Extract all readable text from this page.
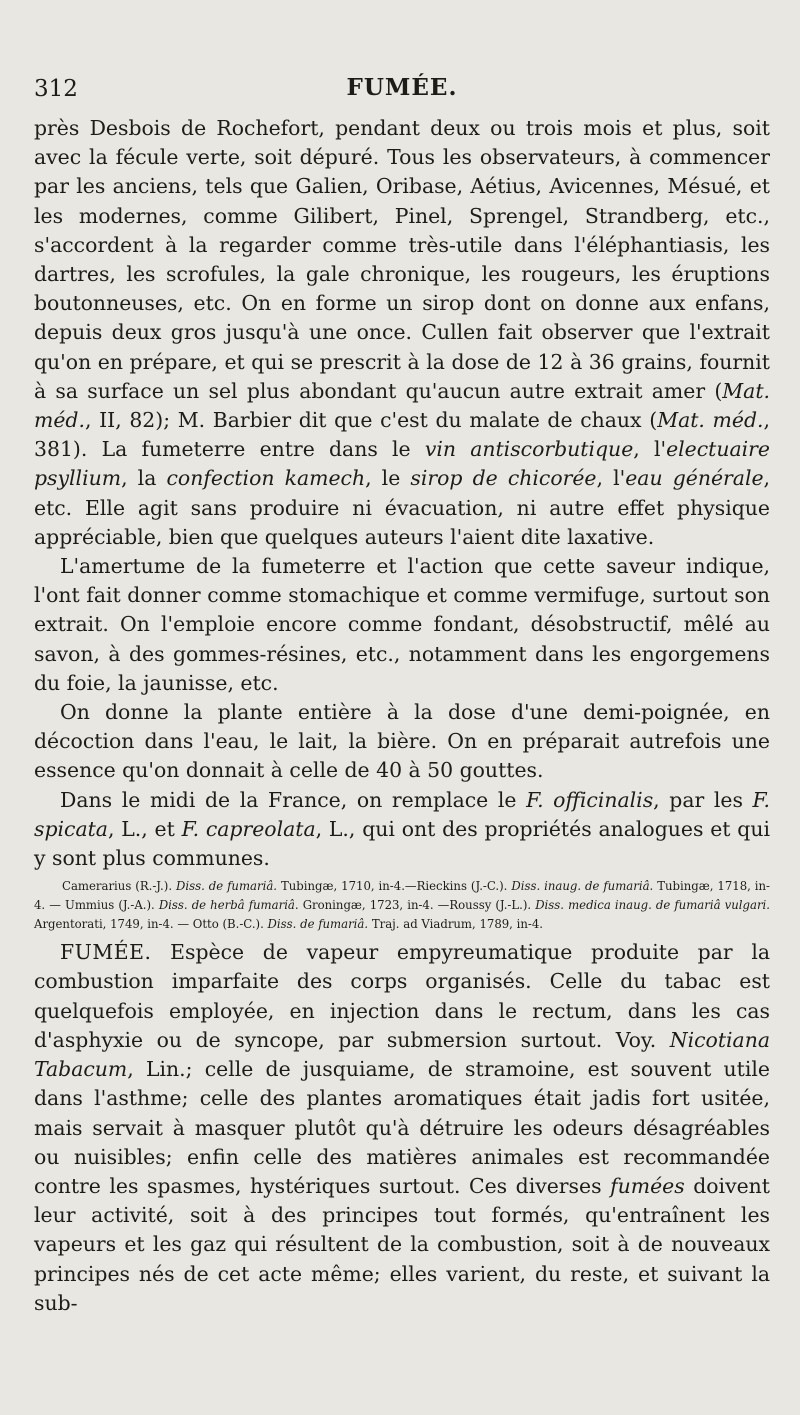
312	FUMÉE.

près Desbois de Rochefort, pendant deux ou trois mois et plus, soit avec la fécule verte, soit dépuré. Tous les observateurs, à commencer par les anciens, tels que Galien, Oribase, Aétius, Avicennes, Mésué, et les modernes, comme Gilibert, Pinel, Sprengel, Strandberg, etc., s'accordent à la regarder comme très-utile dans l'éléphantiasis, les dartres, les scrofules, la gale chronique, les rougeurs, les éruptions boutonneuses, etc. On en forme un sirop dont on donne aux enfans, depuis deux gros jusqu'à une once. Cullen fait observer que l'extrait qu'on en prépare, et qui se prescrit à la dose de 12 à 36 grains, fournit à sa surface un sel plus abondant qu'aucun autre extrait amer (Mat. méd., II, 82); M. Barbier dit que c'est du malate de chaux (Mat. méd., 381). La fumeterre entre dans le vin antiscorbutique, l'electuaire psyllium, la confection kamech, le sirop de chicorée, l'eau générale, etc. Elle agit sans produire ni évacuation, ni autre effet physique appréciable, bien que quelques auteurs l'aient dite laxative.

L'amertume de la fumeterre et l'action que cette saveur indique, l'ont fait donner comme stomachique et comme vermifuge, surtout son extrait. On l'emploie encore comme fondant, désobstructif, mêlé au savon, à des gommes-résines, etc., notamment dans les engorgemens du foie, la jaunisse, etc.

On donne la plante entière à la dose d'une demi-poignée, en décoction dans l'eau, le lait, la bière. On en préparait autrefois une essence qu'on donnait à celle de 40 à 50 gouttes.

Dans le midi de la France, on remplace le F. officinalis, par les F. spicata, L., et F. capreolata, L., qui ont des propriétés analogues et qui y sont plus communes.

Camerarius (R.-J.). Diss. de fumariâ. Tubingæ, 1710, in-4.—Rieckins (J.-C.). Diss. inaug. de fumariâ. Tubingæ, 1718, in-4. — Ummius (J.-A.). Diss. de herbâ fumariâ. Groningæ, 1723, in-4. —Roussy (J.-L.). Diss. medica inaug. de fumariâ vulgari. Argentorati, 1749, in-4. — Otto (B.-C.). Diss. de fumariâ. Traj. ad Viadrum, 1789, in-4.

FUMÉE. Espèce de vapeur empyreumatique produite par la combustion imparfaite des corps organisés. Celle du tabac est quelquefois employée, en injection dans le rectum, dans les cas d'asphyxie ou de syncope, par submersion surtout. Voy. Nicotiana Tabacum, Lin.; celle de jusquiame, de stramoine, est souvent utile dans l'asthme; celle des plantes aromatiques était jadis fort usitée, mais servait à masquer plutôt qu'à détruire les odeurs désagréables ou nuisibles; enfin celle des matières animales est recommandée contre les spasmes, hystériques surtout. Ces diverses fumées doivent leur activité, soit à des principes tout formés, qu'entraînent les vapeurs et les gaz qui résultent de la combustion, soit à de nouveaux principes nés de cet acte même; elles varient, du reste, et suivant la sub-
